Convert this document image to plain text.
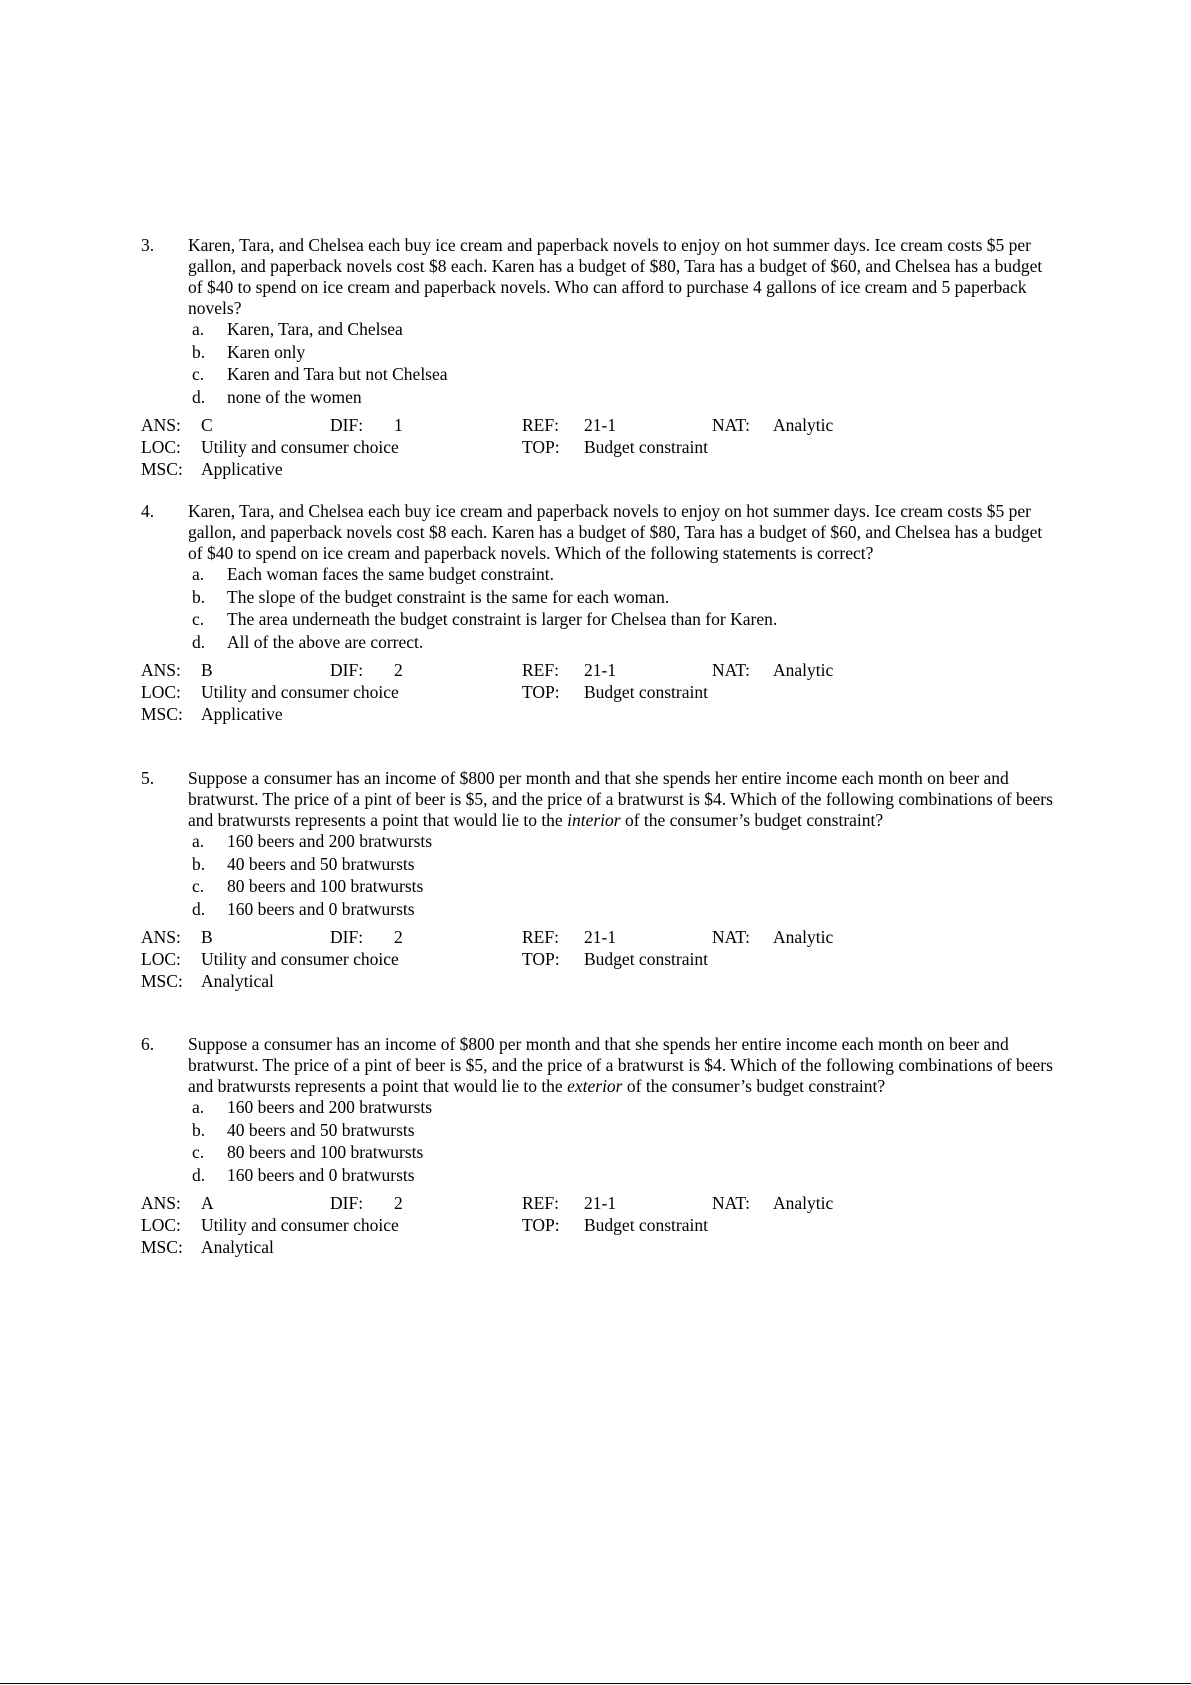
3. Karen, Tara, and Chelsea each buy ice cream and paperback novels to enjoy on hot summer days. Ice cream costs $5 per gallon, and paperback novels cost $8 each. Karen has a budget of $80, Tara has a budget of $60, and Chelsea has a budget of $40 to spend on ice cream and paperback novels. Who can afford to purchase 4 gallons of ice cream and 5 paperback novels?
a. Karen, Tara, and Chelsea
b. Karen only
c. Karen and Tara but not Chelsea
d. none of the women
ANS: C	DIF: 1	REF: 21-1	NAT: Analytic
LOC: Utility and consumer choice	TOP: Budget constraint
MSC: Applicative
4. Karen, Tara, and Chelsea each buy ice cream and paperback novels to enjoy on hot summer days. Ice cream costs $5 per gallon, and paperback novels cost $8 each. Karen has a budget of $80, Tara has a budget of $60, and Chelsea has a budget of $40 to spend on ice cream and paperback novels. Which of the following statements is correct?
a. Each woman faces the same budget constraint.
b. The slope of the budget constraint is the same for each woman.
c. The area underneath the budget constraint is larger for Chelsea than for Karen.
d. All of the above are correct.
ANS: B	DIF: 2	REF: 21-1	NAT: Analytic
LOC: Utility and consumer choice	TOP: Budget constraint
MSC: Applicative
5. Suppose a consumer has an income of $800 per month and that she spends her entire income each month on beer and bratwurst. The price of a pint of beer is $5, and the price of a bratwurst is $4. Which of the following combinations of beers and bratwursts represents a point that would lie to the interior of the consumer’s budget constraint?
a. 160 beers and 200 bratwursts
b. 40 beers and 50 bratwursts
c. 80 beers and 100 bratwursts
d. 160 beers and 0 bratwursts
ANS: B	DIF: 2	REF: 21-1	NAT: Analytic
LOC: Utility and consumer choice	TOP: Budget constraint
MSC: Analytical
6. Suppose a consumer has an income of $800 per month and that she spends her entire income each month on beer and bratwurst. The price of a pint of beer is $5, and the price of a bratwurst is $4. Which of the following combinations of beers and bratwursts represents a point that would lie to the exterior of the consumer’s budget constraint?
a. 160 beers and 200 bratwursts
b. 40 beers and 50 bratwursts
c. 80 beers and 100 bratwursts
d. 160 beers and 0 bratwursts
ANS: A	DIF: 2	REF: 21-1	NAT: Analytic
LOC: Utility and consumer choice	TOP: Budget constraint
MSC: Analytical
